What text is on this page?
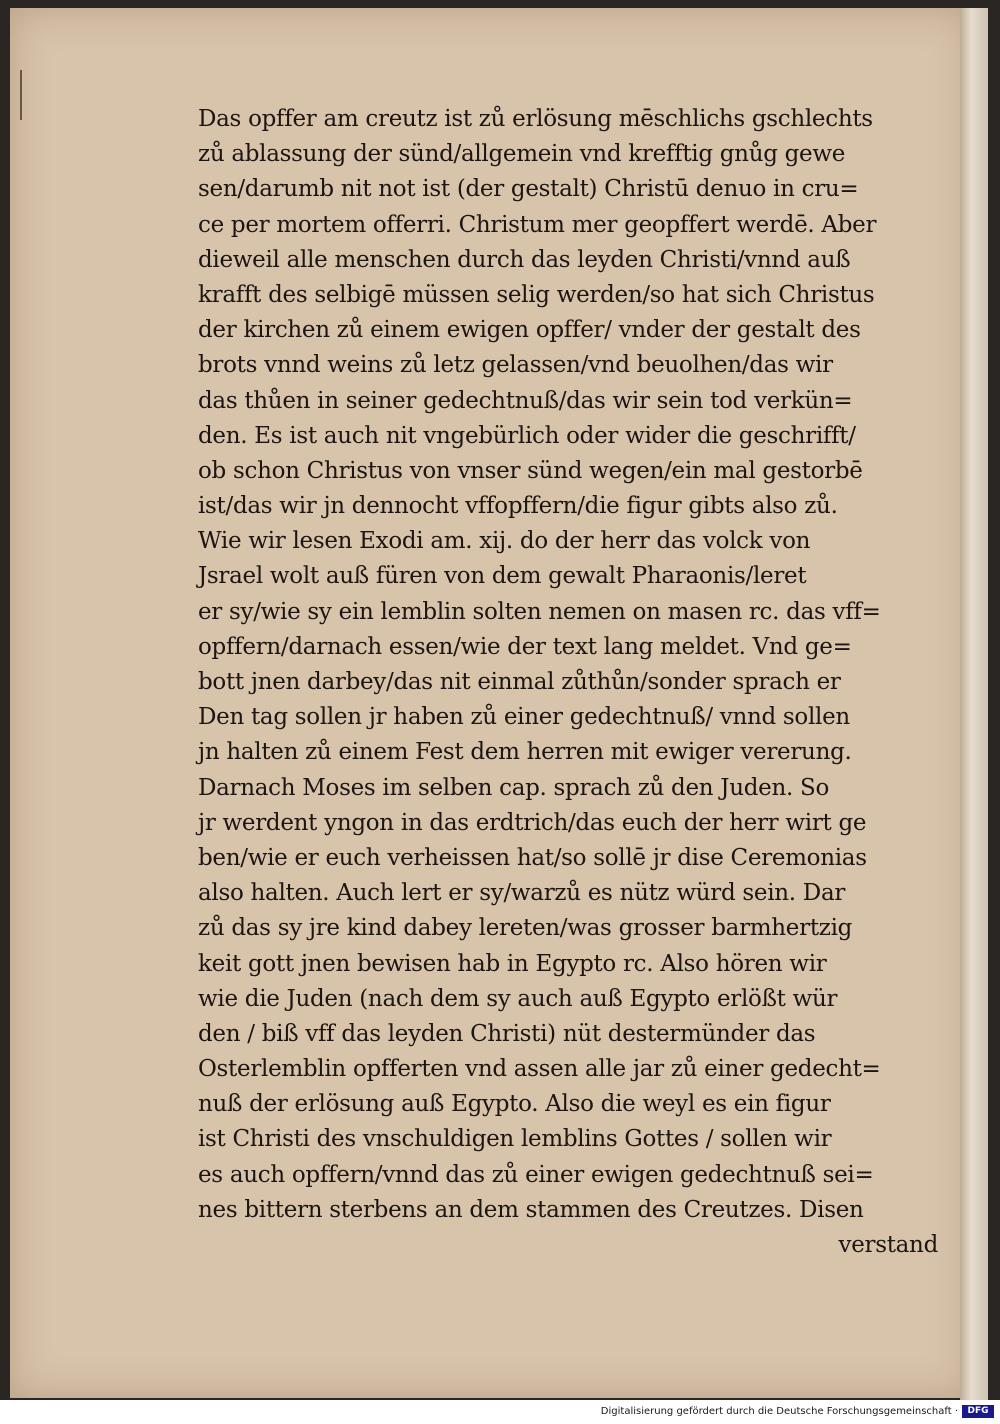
Das opffer am creutz ist zů erlösung mēschlichs gschlechts
zů ablassung der sünd/allgemein vnd krefftig gnůg gewe
sen/darumb nit not ist (der gestalt) Christū denuo in cru=
ce per mortem offerri. Christum mer geopffert werdē. Aber
dieweil alle menschen durch das leyden Christi/vnnd auß
krafft des selbigē müssen selig werden/so hat sich Christus
der kirchen zů einem ewigen opffer/ vnder der gestalt des
brots vnnd weins zů letz gelassen/vnd beuolhen/das wir
das thůen in seiner gedechtnuß/das wir sein tod verkün=
den. Es ist auch nit vngebürlich oder wider die geschrifft/
ob schon Christus von vnser sünd wegen/ein mal gestorbē
ist/das wir jn dennocht vffopffern/die figur gibts also zů.
Wie wir lesen Exodi am. xij. do der herr das volck von
Jsrael wolt auß füren von dem gewalt Pharaonis/leret
er sy/wie sy ein lemblin solten nemen on masen rc. das vff=
opffern/darnach essen/wie der text lang meldet. Vnd ge=
bott jnen darbey/das nit einmal zůthůn/sonder sprach er
Den tag sollen jr haben zů einer gedechtnuß/ vnnd sollen
jn halten zů einem Fest dem herren mit ewiger vererung.
Darnach Moses im selben cap. sprach zů den Juden. So
jr werdent yngon in das erdtrich/das euch der herr wirt ge
ben/wie er euch verheissen hat/so sollē jr dise Ceremonias
also halten. Auch lert er sy/warzů es nütz würd sein. Dar
zů das sy jre kind dabey lereten/was grosser barmhertzig
keit gott jnen bewisen hab in Egypto rc. Also hören wir
wie die Juden (nach dem sy auch auß Egypto erlößt wür
den / biß vff das leyden Christi) nüt destermünder das
Osterlemblin opfferten vnd assen alle jar zů einer gedecht=
nuß der erlösung auß Egypto. Also die weyl es ein figur
ist Christi des vnschuldigen lemblins Gottes / sollen wir
es auch opffern/vnnd das zů einer ewigen gedechtnuß sei=
nes bittern sterbens an dem stammen des Creutzes. Disen
verstand
Digitalisierung gefördert durch die Deutsche Forschungsgemeinschaft ·	DFG
